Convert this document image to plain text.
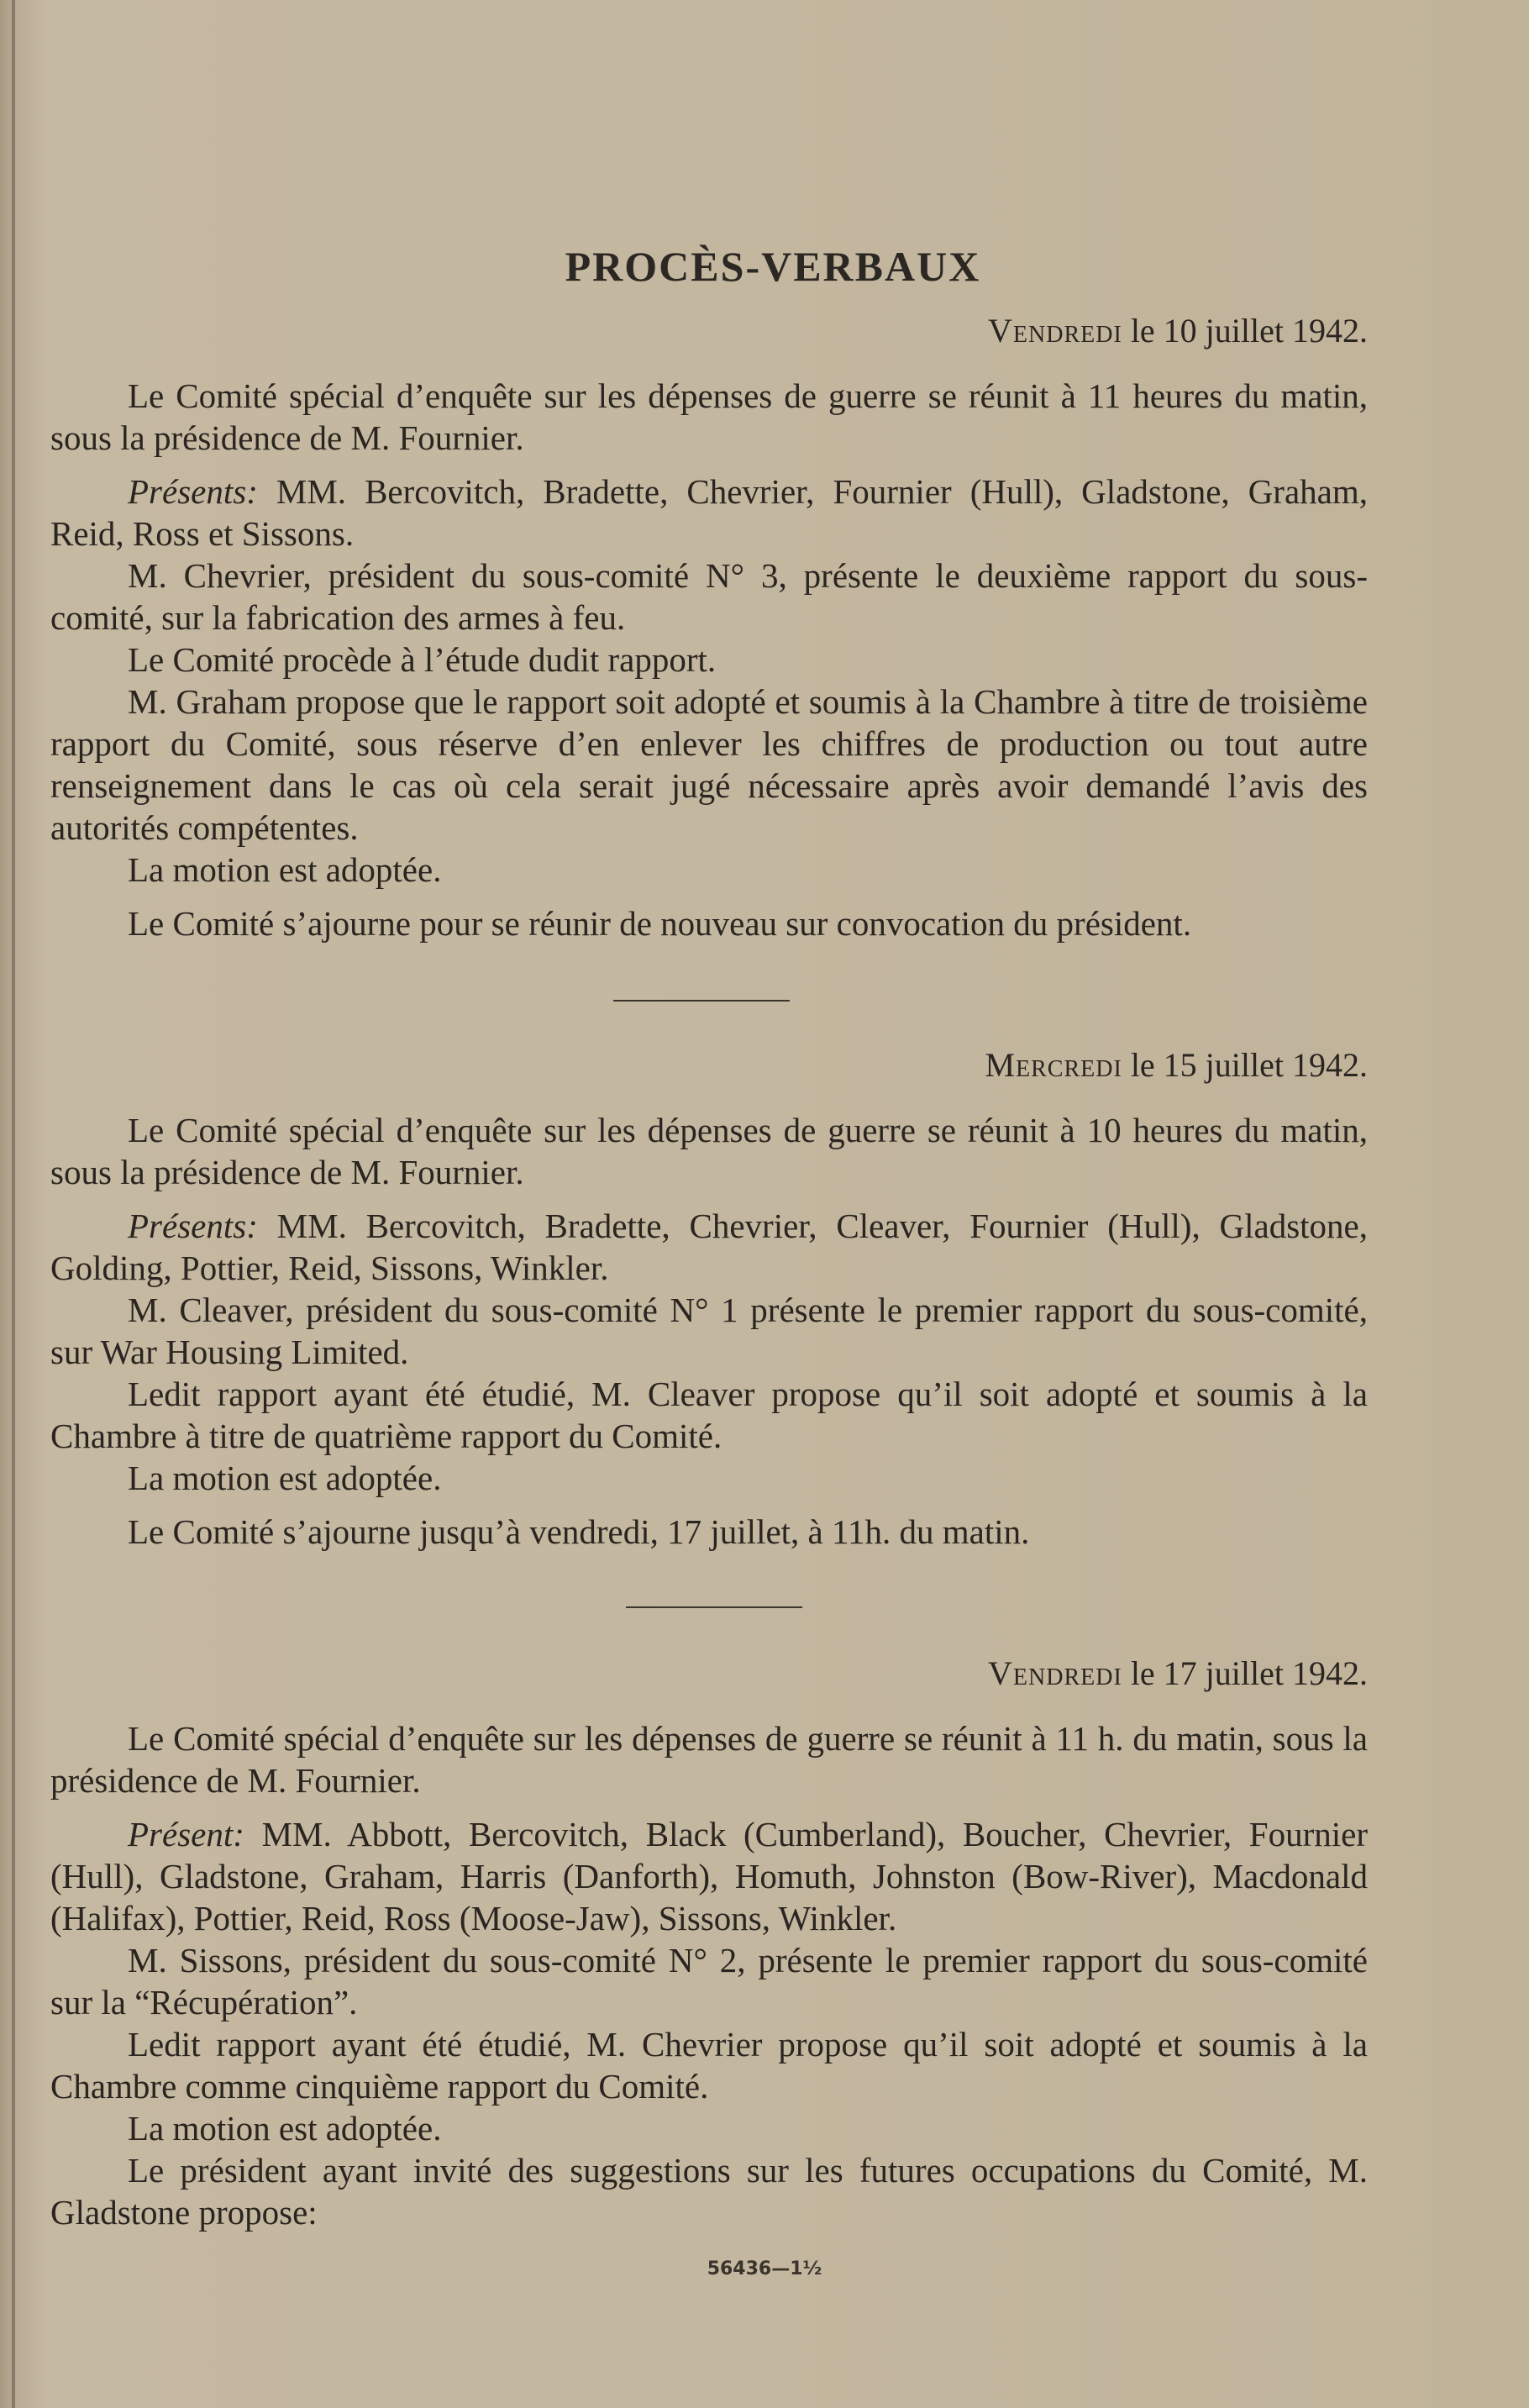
PROCÈS-VERBAUX
Vendredi le 10 juillet 1942.

Le Comité spécial d’enquête sur les dépenses de guerre se réunit à 11 heures du matin, sous la présidence de M. Fournier.

Présents: MM. Bercovitch, Bradette, Chevrier, Fournier (Hull), Gladstone, Graham, Reid, Ross et Sissons.

M. Chevrier, président du sous-comité N° 3, présente le deuxième rapport du sous-comité, sur la fabrication des armes à feu.

Le Comité procède à l’étude dudit rapport.

M. Graham propose que le rapport soit adopté et soumis à la Chambre à titre de troisième rapport du Comité, sous réserve d’en enlever les chiffres de production ou tout autre renseignement dans le cas où cela serait jugé nécessaire après avoir demandé l’avis des autorités compétentes.

La motion est adoptée.

Le Comité s’ajourne pour se réunir de nouveau sur convocation du président.

Mercredi le 15 juillet 1942.

Le Comité spécial d’enquête sur les dépenses de guerre se réunit à 10 heures du matin, sous la présidence de M. Fournier.

Présents: MM. Bercovitch, Bradette, Chevrier, Cleaver, Fournier (Hull), Gladstone, Golding, Pottier, Reid, Sissons, Winkler.

M. Cleaver, président du sous-comité N° 1 présente le premier rapport du sous-comité, sur War Housing Limited.

Ledit rapport ayant été étudié, M. Cleaver propose qu’il soit adopté et soumis à la Chambre à titre de quatrième rapport du Comité.

La motion est adoptée.

Le Comité s’ajourne jusqu’à vendredi, 17 juillet, à 11h. du matin.

Vendredi le 17 juillet 1942.

Le Comité spécial d’enquête sur les dépenses de guerre se réunit à 11 h. du matin, sous la présidence de M. Fournier.

Présent: MM. Abbott, Bercovitch, Black (Cumberland), Boucher, Chevrier, Fournier (Hull), Gladstone, Graham, Harris (Danforth), Homuth, Johnston (Bow-River), Macdonald (Halifax), Pottier, Reid, Ross (Moose-Jaw), Sissons, Winkler.

M. Sissons, président du sous-comité N° 2, présente le premier rapport du sous-comité sur la “Récupération”.

Ledit rapport ayant été étudié, M. Chevrier propose qu’il soit adopté et soumis à la Chambre comme cinquième rapport du Comité.

La motion est adoptée.

Le président ayant invité des suggestions sur les futures occupations du Comité, M. Gladstone propose:

56436—1½
